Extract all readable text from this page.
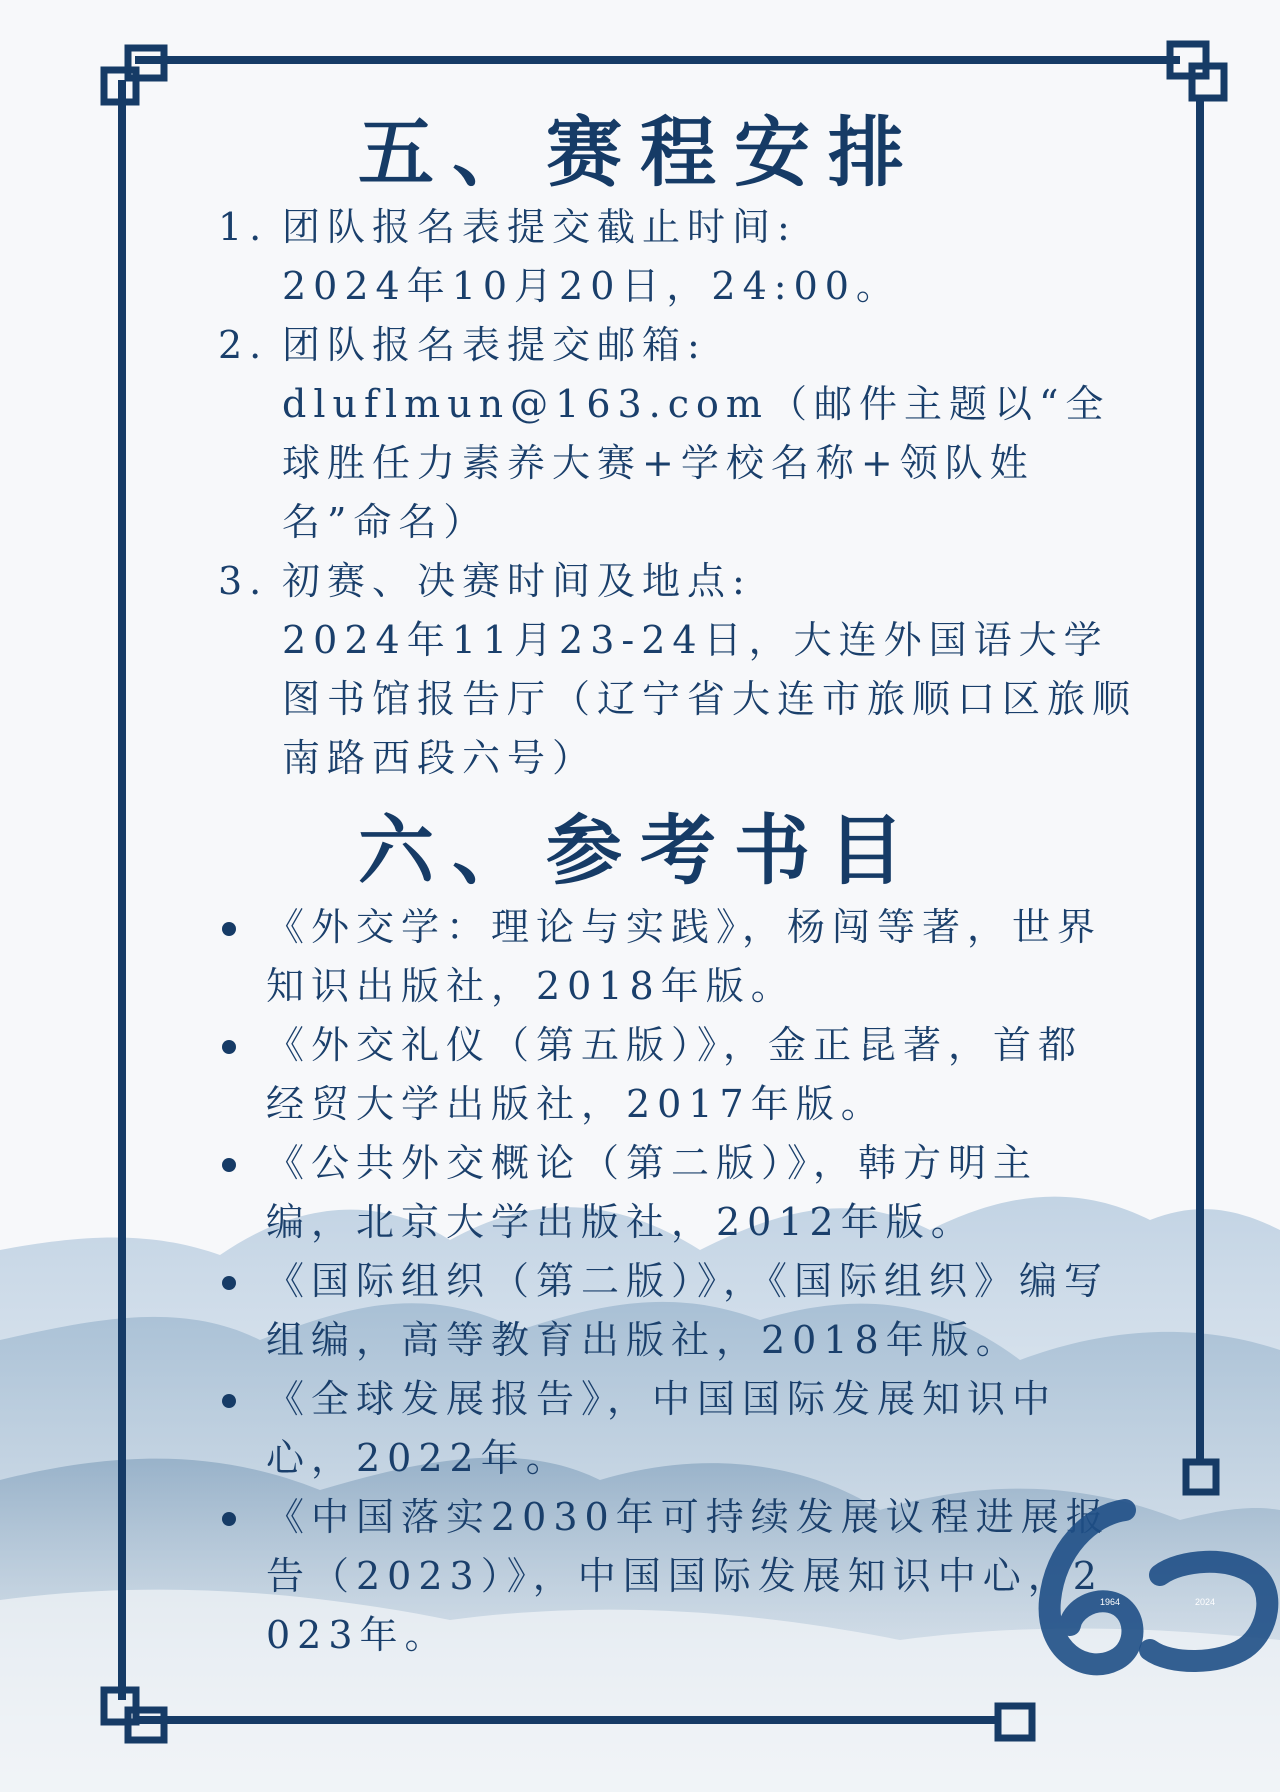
五、赛程安排
1. 团队报名表提交截止时间:
2024年10月20日，24:00。
2. 团队报名表提交邮箱:
dluflmun@163.com（邮件主题以“全球胜任力素养大赛+学校名称+领队姓名”命名）
3. 初赛、决赛时间及地点:
2024年11月23-24日，大连外国语大学图书馆报告厅（辽宁省大连市旅顺口区旅顺南路西段六号）
六、参考书目
《外交学：理论与实践》，杨闯等著，世界知识出版社，2018年版。
《外交礼仪（第五版）》，金正昆著，首都经贸大学出版社，2017年版。
《公共外交概论（第二版）》，韩方明主编，北京大学出版社，2012年版。
《国际组织（第二版）》，《国际组织》编写组编，高等教育出版社，2018年版。
《全球发展报告》，中国国际发展知识中心，2022年。
《中国落实2030年可持续发展议程进展报告（2023）》，中国国际发展知识中心，2023年。
1964	2024
